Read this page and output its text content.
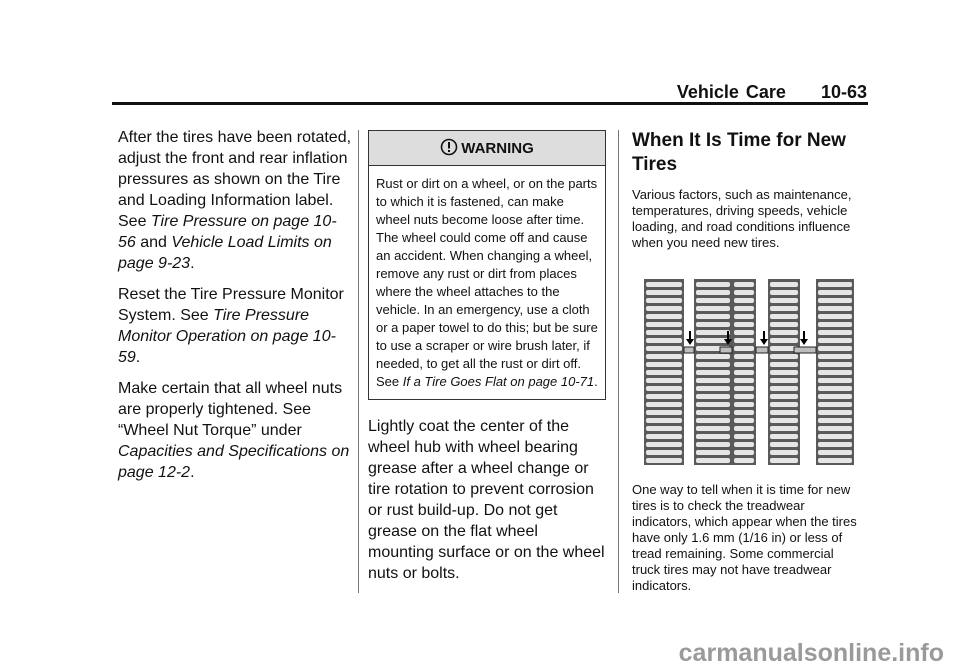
Vehicle Care 10-63

After the tires have been rotated, adjust the front and rear inflation pressures as shown on the Tire and Loading Information label. See Tire Pressure on page 10-56 and Vehicle Load Limits on page 9-23.

Reset the Tire Pressure Monitor System. See Tire Pressure Monitor Operation on page 10-59.

Make certain that all wheel nuts are properly tightened. See “Wheel Nut Torque” under Capacities and Specifications on page 12-2.

WARNING
Rust or dirt on a wheel, or on the parts to which it is fastened, can make wheel nuts become loose after time. The wheel could come off and cause an accident. When changing a wheel, remove any rust or dirt from places where the wheel attaches to the vehicle. In an emergency, use a cloth or a paper towel to do this; but be sure to use a scraper or wire brush later, if needed, to get all the rust or dirt off. See If a Tire Goes Flat on page 10-71.

Lightly coat the center of the wheel hub with wheel bearing grease after a wheel change or tire rotation to prevent corrosion or rust build-up. Do not get grease on the flat wheel mounting surface or on the wheel nuts or bolts.

When It Is Time for New Tires

Various factors, such as maintenance, temperatures, driving speeds, vehicle loading, and road conditions influence when you need new tires.

One way to tell when it is time for new tires is to check the treadwear indicators, which appear when the tires have only 1.6 mm (1/16 in) or less of tread remaining. Some commercial truck tires may not have treadwear indicators.

carmanualsonline.info
